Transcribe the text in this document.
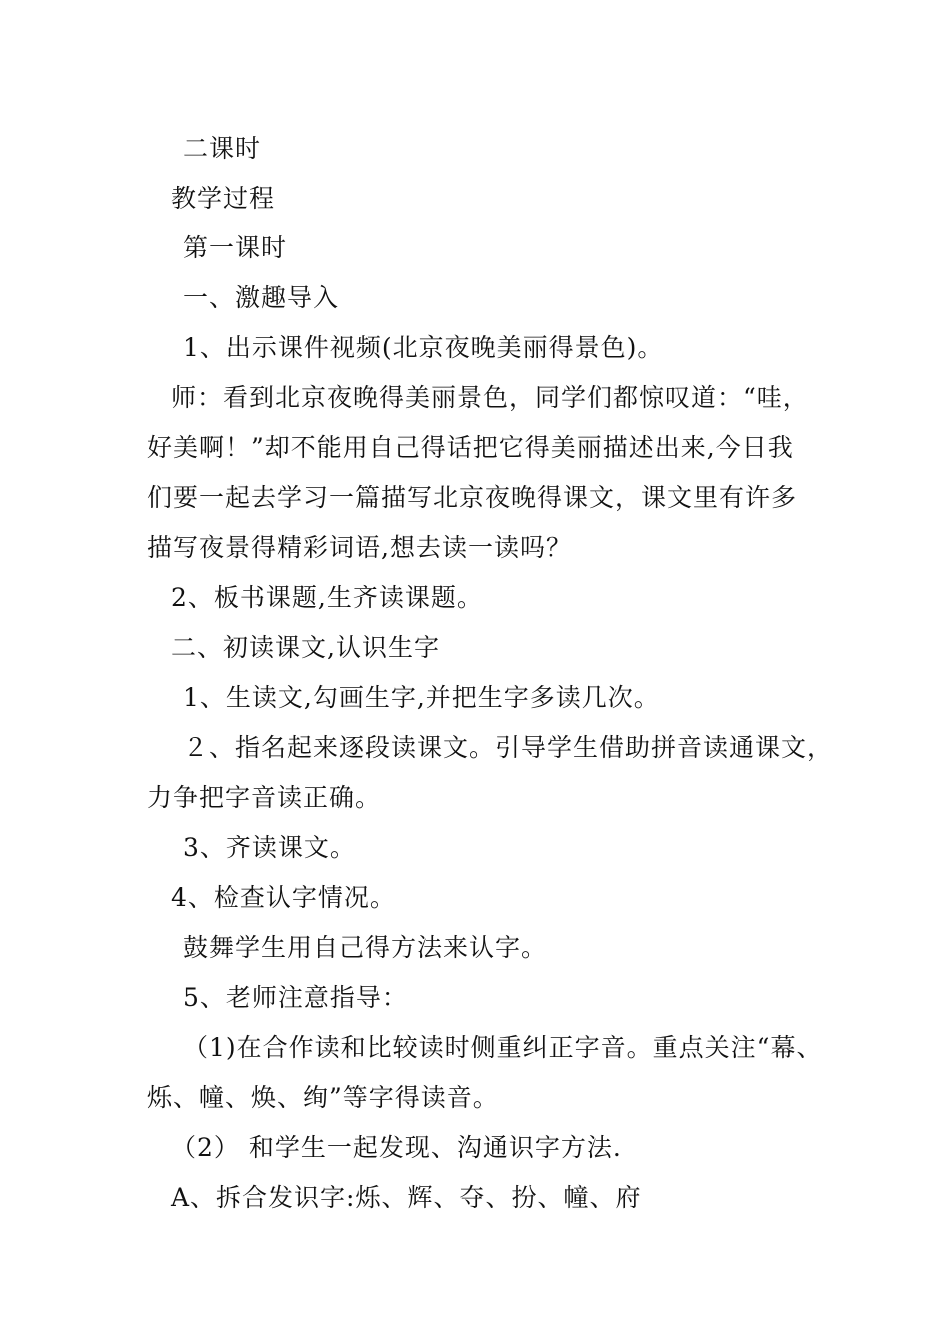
二课时
教学过程
第一课时
一、激趣导入
1、出示课件视频(北京夜晚美丽得景色)。
师：看到北京夜晚得美丽景色，同学们都惊叹道：“哇，
好美啊！”却不能用自己得话把它得美丽描述出来,今日我
们要一起去学习一篇描写北京夜晚得课文，课文里有许多
描写夜景得精彩词语,想去读一读吗？
2、板书课题,生齐读课题。
二、初读课文,认识生字
1、生读文,勾画生字,并把生字多读几次。
２、指名起来逐段读课文。引导学生借助拼音读通课文，
力争把字音读正确。
3、齐读课文。
4、检查认字情况。
鼓舞学生用自己得方法来认字。
5、老师注意指导：
（1)在合作读和比较读时侧重纠正字音。重点关注“幕、
烁、幢、焕、绚”等字得读音。
（2） 和学生一起发现、沟通识字方法.
A、拆合发识字:烁、辉、夺、扮、幢、府
